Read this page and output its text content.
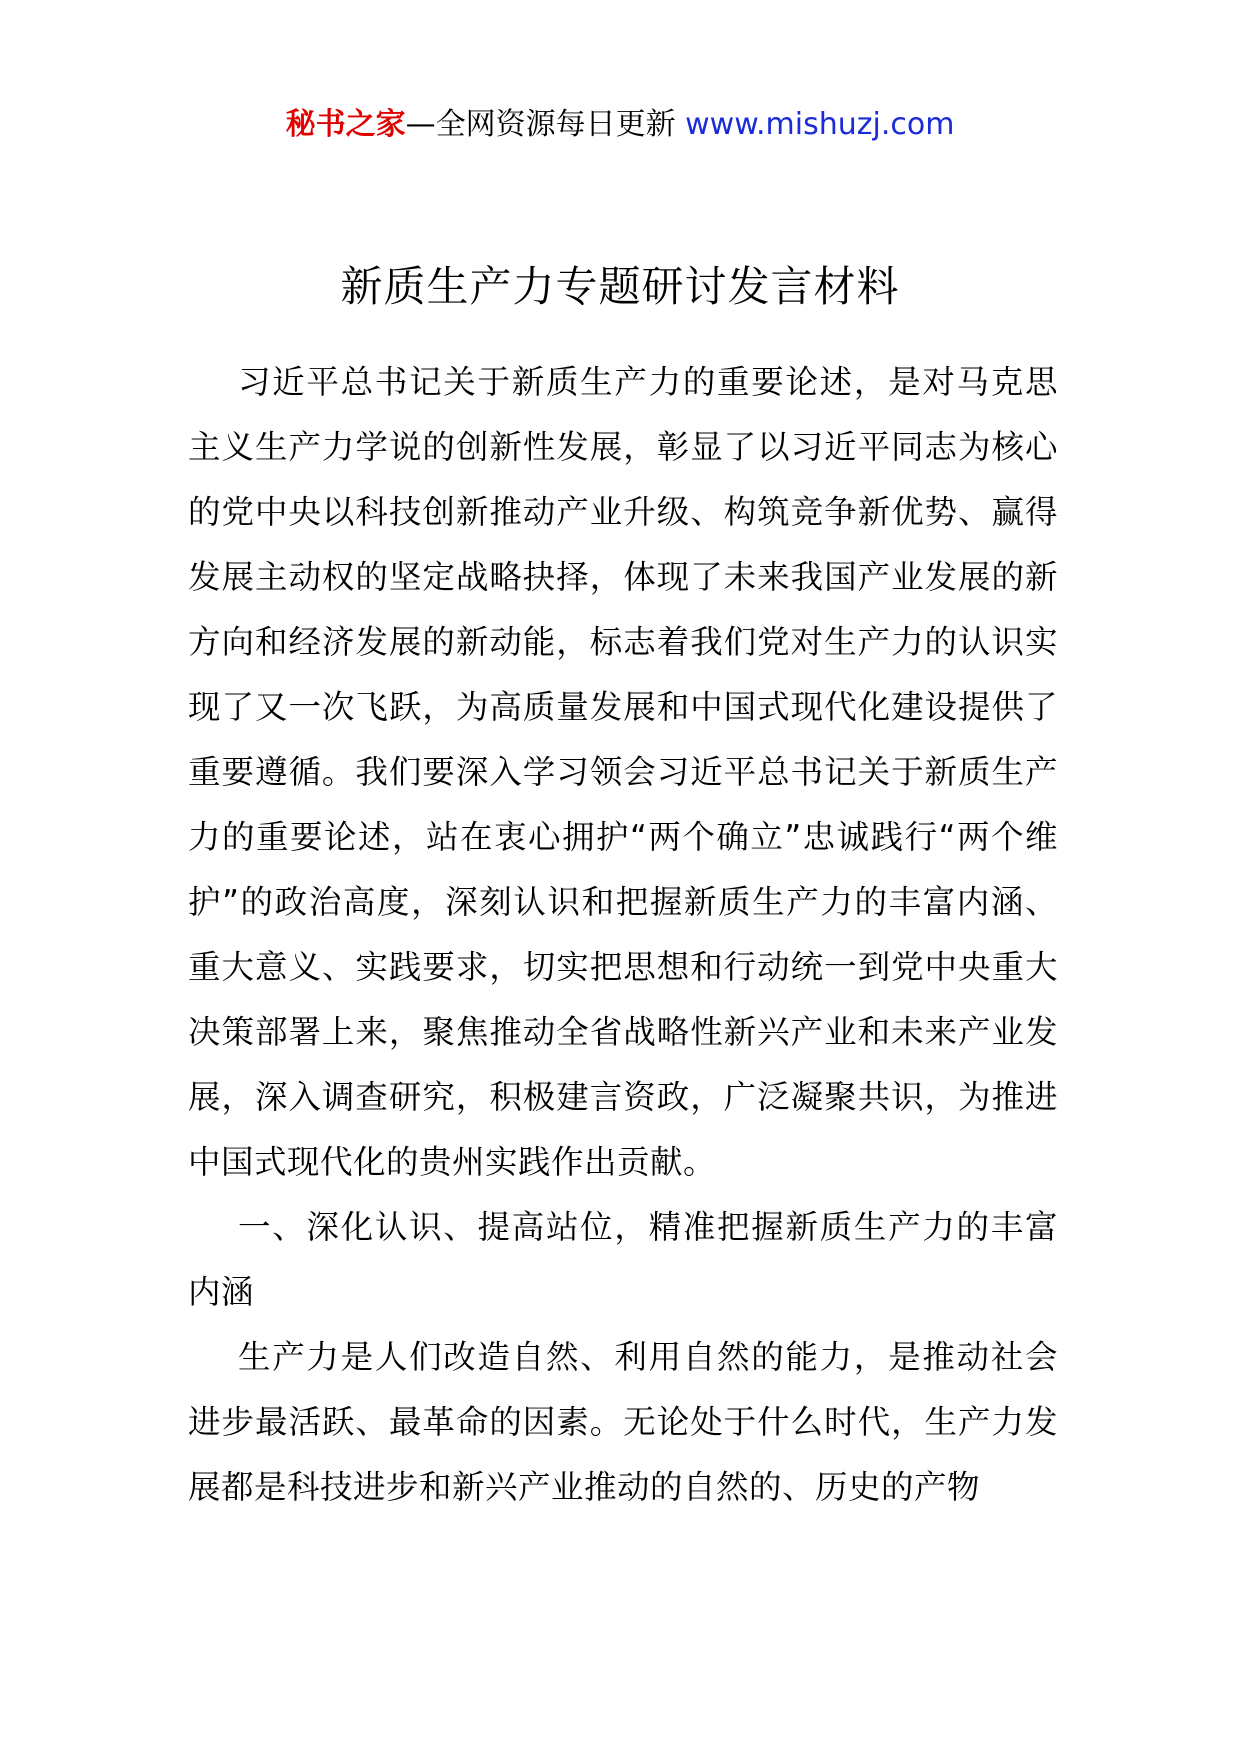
秘书之家—全网资源每日更新 www.mishuzj.com
新质生产力专题研讨发言材料

习近平总书记关于新质生产力的重要论述，是对马克思主义生产力学说的创新性发展，彰显了以习近平同志为核心的党中央以科技创新推动产业升级、构筑竞争新优势、赢得发展主动权的坚定战略抉择，体现了未来我国产业发展的新方向和经济发展的新动能，标志着我们党对生产力的认识实现了又一次飞跃，为高质量发展和中国式现代化建设提供了重要遵循。我们要深入学习领会习近平总书记关于新质生产力的重要论述，站在衷心拥护“两个确立”忠诚践行“两个维护”的政治高度，深刻认识和把握新质生产力的丰富内涵、重大意义、实践要求，切实把思想和行动统一到党中央重大决策部署上来，聚焦推动全省战略性新兴产业和未来产业发展，深入调查研究，积极建言资政，广泛凝聚共识，为推进中国式现代化的贵州实践作出贡献。

一、深化认识、提高站位，精准把握新质生产力的丰富内涵

生产力是人们改造自然、利用自然的能力，是推动社会进步最活跃、最革命的因素。无论处于什么时代，生产力发展都是科技进步和新兴产业推动的自然的、历史的产物
